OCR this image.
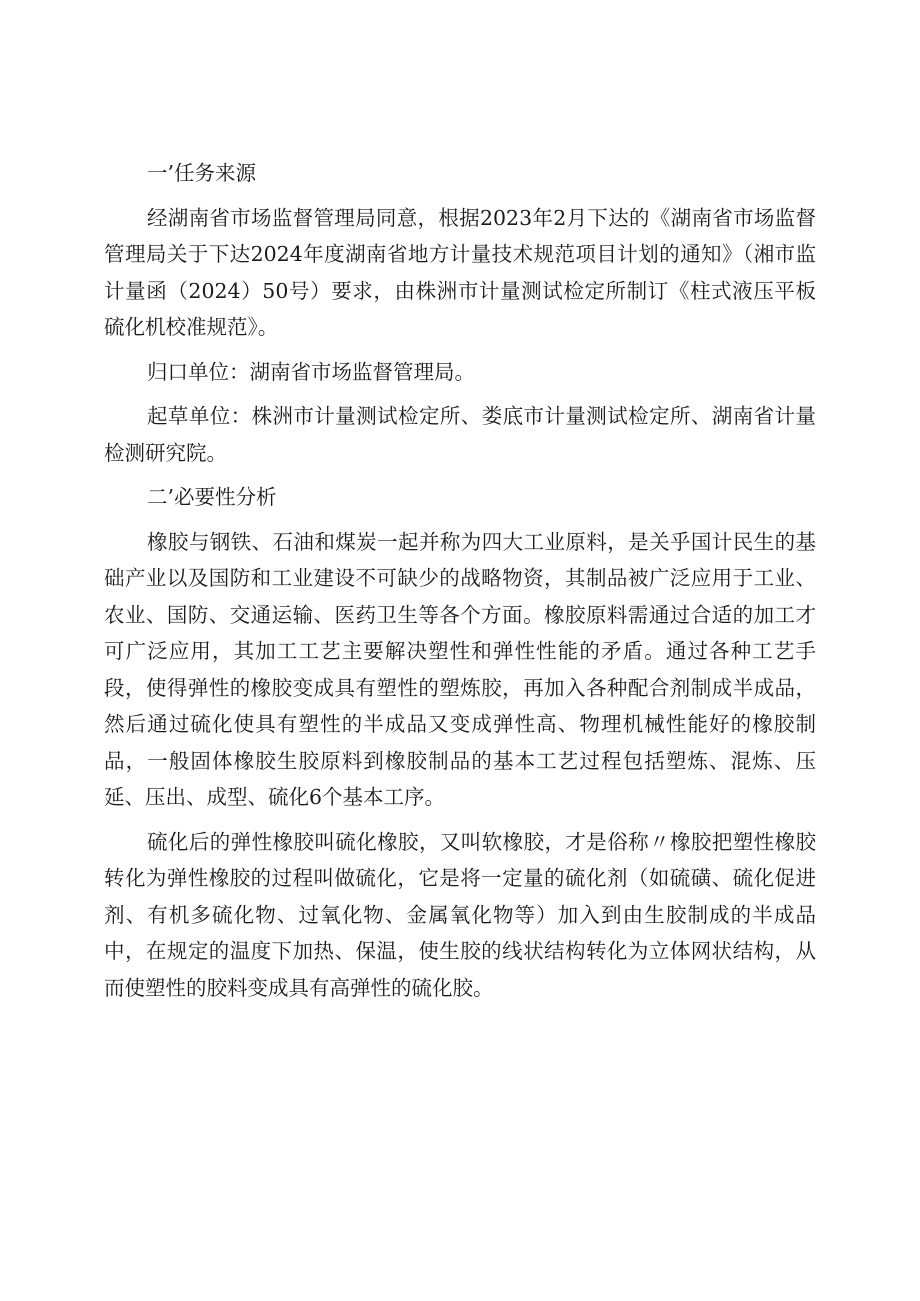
一’任务来源

经湖南省市场监督管理局同意，根据2023年2月下达的《湖南省市场监督管理局关于下达2024年度湖南省地方计量技术规范项目计划的通知》（湘市监计量函（2024）50号）要求，由株洲市计量测试检定所制订《柱式液压平板硫化机校准规范》。

归口单位：湖南省市场监督管理局。

起草单位：株洲市计量测试检定所、娄底市计量测试检定所、湖南省计量检测研究院。

二’必要性分析

橡胶与钢铁、石油和煤炭一起并称为四大工业原料，是关乎国计民生的基础产业以及国防和工业建设不可缺少的战略物资，其制品被广泛应用于工业、农业、国防、交通运输、医药卫生等各个方面。橡胶原料需通过合适的加工才可广泛应用，其加工工艺主要解决塑性和弹性性能的矛盾。通过各种工艺手段，使得弹性的橡胶变成具有塑性的塑炼胶，再加入各种配合剂制成半成品，然后通过硫化使具有塑性的半成品又变成弹性高、物理机械性能好的橡胶制品，一般固体橡胶生胶原料到橡胶制品的基本工艺过程包括塑炼、混炼、压延、压出、成型、硫化6个基本工序。

硫化后的弹性橡胶叫硫化橡胶，又叫软橡胶，才是俗称〃橡胶把塑性橡胶转化为弹性橡胶的过程叫做硫化，它是将一定量的硫化剂（如硫磺、硫化促进剂、有机多硫化物、过氧化物、金属氧化物等）加入到由生胶制成的半成品中，在规定的温度下加热、保温，使生胶的线状结构转化为立体网状结构，从而使塑性的胶料变成具有高弹性的硫化胶。
